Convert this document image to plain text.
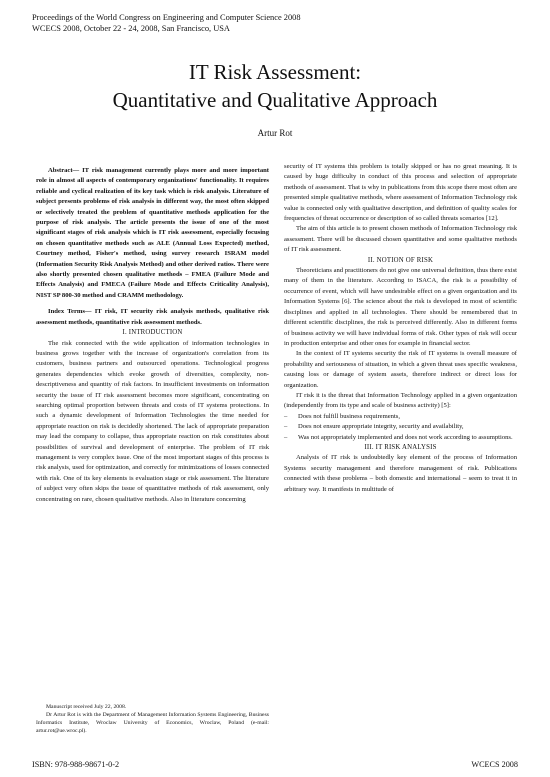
Proceedings of the World Congress on Engineering and Computer Science 2008
WCECS 2008, October 22 - 24, 2008, San Francisco, USA
IT Risk Assessment:
Quantitative and Qualitative Approach
Artur Rot

Abstract— IT risk management currently plays more and more important role in almost all aspects of contemporary organizations' functionality. It requires reliable and cyclical realization of its key task which is risk analysis. Literature of subject presents problems of risk analysis in different way, the most often skipped or selectively treated the problem of quantitative methods application for the purpose of risk analysis. The article presents the issue of one of the most significant stages of risk analysis which is IT risk assessment, especially focusing on chosen quantitative methods such as ALE (Annual Loss Expected) method, Courtney method, Fisher's method, using survey research ISRAM model (Information Security Risk Analysis Method) and other derived ratios. There were also shortly presented chosen qualitative methods – FMEA (Failure Mode and Effects Analysis) and FMECA (Failure Mode and Effects Criticality Analysis), NIST SP 800-30 method and CRAMM methodology.

Index Terms— IT risk, IT security risk analysis methods, qualitative risk assessment methods, quantitative risk assessment methods.

I. INTRODUCTION

The risk connected with the wide application of information technologies in business grows together with the increase of organization's correlation from its customers, business partners and outsourced operations. Technological progress generates dependencies which evoke growth of diversities, complexity, non-descriptiveness and quantity of risk factors. In insufficient investments on information security the issue of IT risk assessment becomes more significant, concentrating on searching optimal proportion between threats and costs of IT systems protections. In such a dynamic development of Information Technologies the time needed for appropriate reaction on risk is decidedly shortened. The lack of appropriate preparation may lead the company to collapse, thus appropriate reaction on risk constitutes about possibilities of survival and development of enterprise. The problem of IT risk management is very complex issue. One of the most important stages of this process is risk analysis, used for optimization, and correctly for minimizations of losses connected with risk. One of its key elements is evaluation stage or risk assessment. The literature of subject very often skips the issue of quantitative methods of risk assessment, only concentrating on rare, chosen qualitative methods. Also in literature concerning

Manuscript received July 22, 2008.

Dr Artur Rot is with the Department of Management Information Systems Engineering, Business Informatics Institute, Wroclaw University of Economics, Wroclaw, Poland (e-mail: artur.rot@ue.wroc.pl).

security of IT systems this problem is totally skipped or has no great meaning. It is caused by huge difficulty in conduct of this process and selection of appropriate methods of assessment. That is why in publications from this scope there most often are presented simple qualitative methods, where assessment of Information Technology risk value is connected only with qualitative description, and definition of quality scales for frequencies of threat occurrence or description of so called threats scenarios [12].

The aim of this article is to present chosen methods of Information Technology risk assessment. There will be discussed chosen quantitative and some qualitative methods of IT risk assessment.

II. NOTION OF RISK

Theoreticians and practitioners do not give one universal definition, thus there exist many of them in the literature. According to ISACA, the risk is a possibility of occurrence of event, which will have undesirable effect on a given organization and its Information Systems [6]. The science about the risk is developed in most of scientific disciplines and applied in all technologies. There should be remembered that in different scientific disciplines, the risk is perceived differently. Also in different forms of business activity we will have individual forms of risk. Other types of risk will occur in production enterprise and other ones for example in financial sector.

In the context of IT systems security the risk of IT systems is overall measure of probability and seriousness of situation, in which a given threat uses specific weakness, causing loss or damage of system assets, therefore indirect or direct loss for organization.

IT risk it is the threat that Information Technology applied in a given organization (independently from its type and scale of business activity) [5]:

– Does not fulfill business requirements,

– Does not ensure appropriate integrity, security and availability,

– Was not appropriately implemented and does not work according to assumptions.

III. IT RISK ANALYSIS

Analysis of IT risk is undoubtedly key element of the process of Information Systems security management and therefore management of risk. Publications connected with these problems – both domestic and international – seem to treat it in arbitrary way. It manifests in multitude of

ISBN: 978-988-98671-0-2	WCECS 2008
